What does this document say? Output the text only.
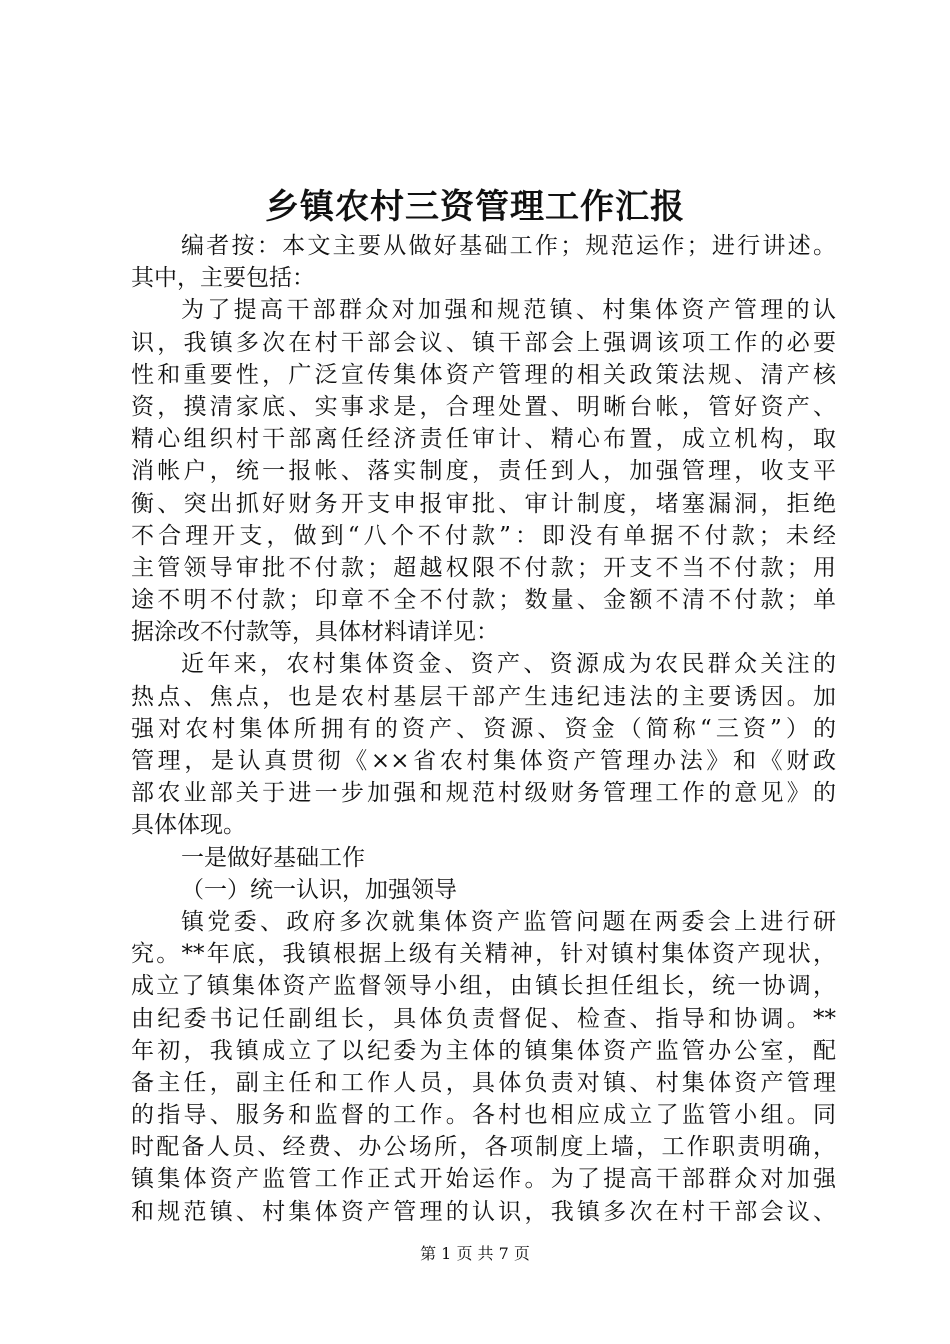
乡镇农村三资管理工作汇报
编者按：本文主要从做好基础工作；规范运作；进行讲述。
其中，主要包括：
为了提高干部群众对加强和规范镇、村集体资产管理的认
识，我镇多次在村干部会议、镇干部会上强调该项工作的必要
性和重要性，广泛宣传集体资产管理的相关政策法规、清产核
资，摸清家底、实事求是，合理处置、明晰台帐，管好资产、
精心组织村干部离任经济责任审计、精心布置，成立机构，取
消帐户，统一报帐、落实制度，责任到人，加强管理，收支平
衡、突出抓好财务开支申报审批、审计制度，堵塞漏洞，拒绝
不合理开支，做到“八个不付款”：即没有单据不付款；未经
主管领导审批不付款；超越权限不付款；开支不当不付款；用
途不明不付款；印章不全不付款；数量、金额不清不付款；单
据涂改不付款等，具体材料请详见：
近年来，农村集体资金、资产、资源成为农民群众关注的
热点、焦点，也是农村基层干部产生违纪违法的主要诱因。加
强对农村集体所拥有的资产、资源、资金（简称“三资”）的
管理，是认真贯彻《××省农村集体资产管理办法》和《财政
部农业部关于进一步加强和规范村级财务管理工作的意见》的
具体体现。
一是做好基础工作
（一）统一认识，加强领导
镇党委、政府多次就集体资产监管问题在两委会上进行研
究。**年底，我镇根据上级有关精神，针对镇村集体资产现状，
成立了镇集体资产监督领导小组，由镇长担任组长，统一协调，
由纪委书记任副组长，具体负责督促、检查、指导和协调。**
年初，我镇成立了以纪委为主体的镇集体资产监管办公室，配
备主任，副主任和工作人员，具体负责对镇、村集体资产管理
的指导、服务和监督的工作。各村也相应成立了监管小组。同
时配备人员、经费、办公场所，各项制度上墙，工作职责明确，
镇集体资产监管工作正式开始运作。为了提高干部群众对加强
和规范镇、村集体资产管理的认识，我镇多次在村干部会议、
第 1 页 共 7 页
